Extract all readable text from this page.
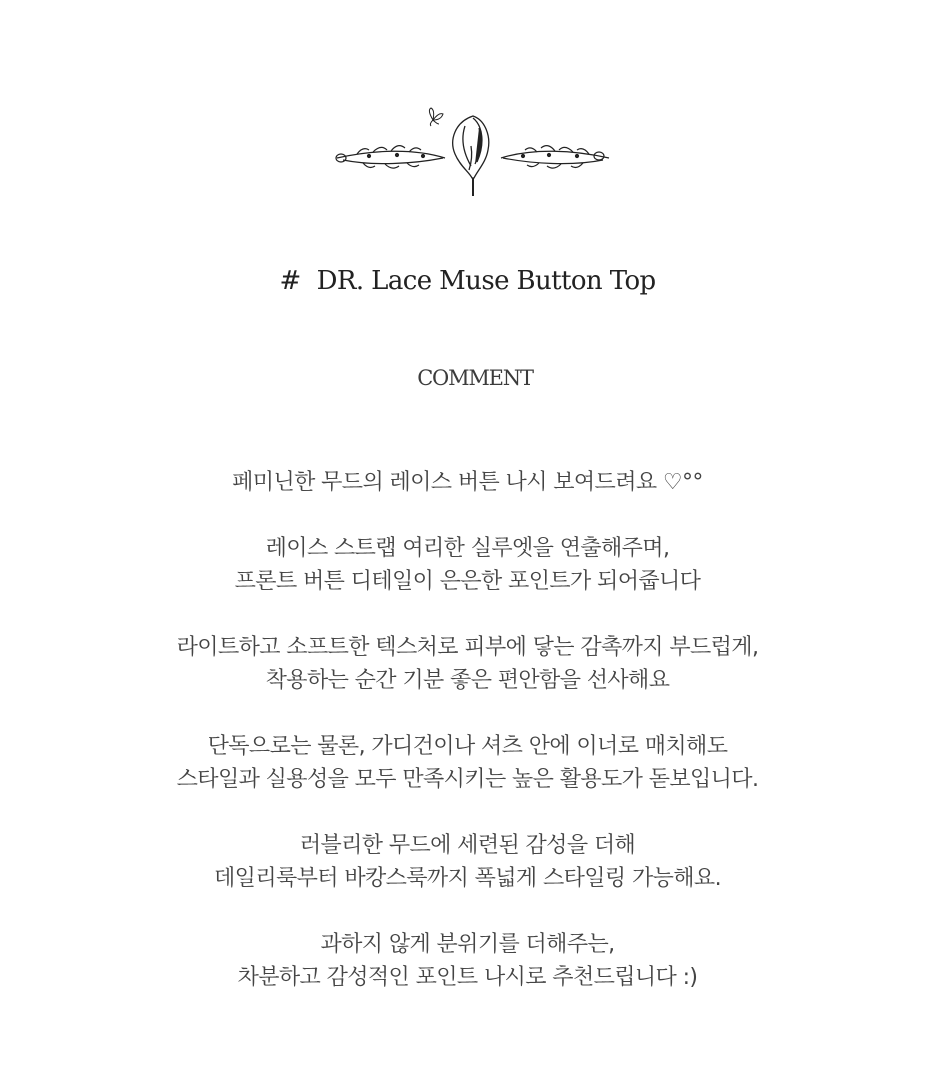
# DR. Lace Muse Button Top
COMMENT

페미닌한 무드의 레이스 버튼 나시 보여드려요 ♡°°

레이스 스트랩 여리한 실루엣을 연출해주며,
프론트 버튼 디테일이 은은한 포인트가 되어줍니다

라이트하고 소프트한 텍스처로 피부에 닿는 감촉까지 부드럽게,
착용하는 순간 기분 좋은 편안함을 선사해요

단독으로는 물론, 가디건이나 셔츠 안에 이너로 매치해도
스타일과 실용성을 모두 만족시키는 높은 활용도가 돋보입니다.

러블리한 무드에 세련된 감성을 더해
데일리룩부터 바캉스룩까지 폭넓게 스타일링 가능해요.

과하지 않게 분위기를 더해주는,
차분하고 감성적인 포인트 나시로 추천드립니다 :)
